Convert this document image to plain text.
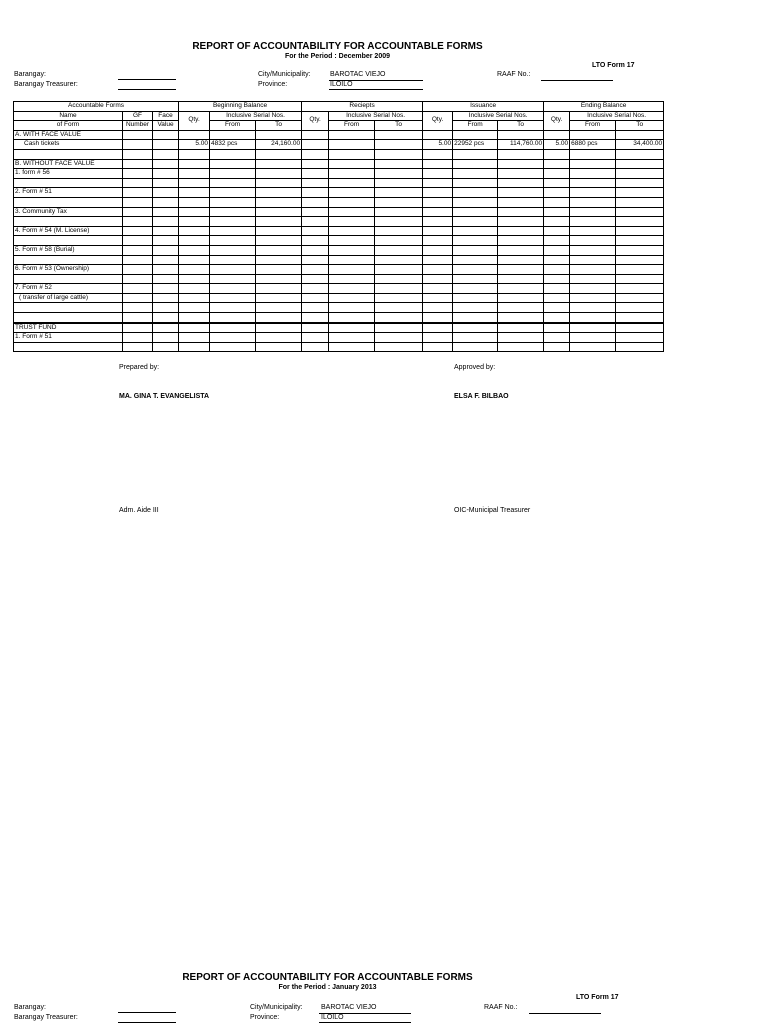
REPORT OF ACCOUNTABILITY FOR ACCOUNTABLE FORMS
For the Period : December 2009
LTO Form 17
Barangay:
Barangay Treasurer:
City/Municipality:	BAROTAC VIEJO
Province:	ILOILO
RAAF No.:
Accountable Forms			Beginning Balance			Reciepts			Issuance			Ending Balance		
Name	GF	Face	Qty.	Inclusive Serial Nos.		Qty.	Inclusive Serial Nos.		Qty.	Inclusive Serial Nos.		Qty.	Inclusive Serial Nos.	
of Form	Number	Value		From	To		From	To		From	To		From	To
A. WITH FACE VALUE														
Cash tickets			5.00	4832 pcs	24,160.00				5.00	22952 pcs	114,760.00	5.00	6880 pcs	34,400.00

B. WITHOUT FACE VALUE														
1. form # 56														

2. Form # 51														

3. Community Tax														

4. Form # 54 (M. License)														

5. Form # 58 (Burial)														

6. Form # 53 (Ownership)														

7. Form # 52														
( transfer of large cattle)														

TRUST FUND														
1. Form # 51														

Prepared by:	Approved by:
MA. GINA T. EVANGELISTA	ELSA F. BILBAO
Adm. Aide III	OIC-Municipal Treasurer
REPORT OF ACCOUNTABILITY FOR ACCOUNTABLE FORMS
For the Period : January 2013
LTO Form 17
Barangay:
Barangay Treasurer:
City/Municipality:	BAROTAC VIEJO
Province:	ILOILO
RAAF No.:
